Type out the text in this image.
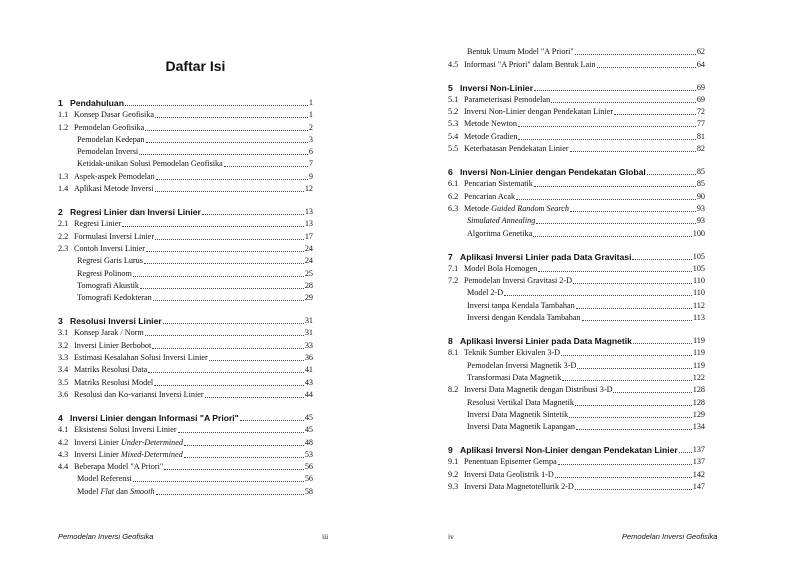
Daftar Isi
1 Pendahuluan	1
1.1 Konsep Dasar Geofisika	1
1.2 Pemodelan Geofisika	2
Pemodelan Kedepan	3
Pemodelan Inversi	6
Ketidak-unikan Solusi Pemodelan Geofisika	7
1.3 Aspek-aspek Pemodelan	9
1.4 Aplikasi Metode Inversi	12
2 Regresi Linier dan Inversi Linier	13
2.1 Regresi Linier	13
2.2 Formulasi Inversi Linier	17
2.3 Contoh Inversi Linier	24
Regresi Garis Lurus	24
Regresi Polinom	25
Tomografi Akustik	28
Tomografi Kedokteran	29
3 Resolusi Inversi Linier	31
3.1 Konsep Jarak / Norm	31
3.2 Inversi Linier Berbobot	33
3.3 Estimasi Kesalahan Solusi Inversi Linier	36
3.4 Matriks Resolusi Data	41
3.5 Matriks Resolusi Model	43
3.6 Resolusi dan Ko-variansi Inversi Linier	44
4 Inversi Linier dengan Informasi "A Priori"	45
4.1 Eksistensi Solusi Inversi Linier	45
4.2 Inversi Linier Under-Determined	48
4.3 Inversi Linier Mixed-Determined	53
4.4 Beberapa Model "A Priori"	56
Model Referensi	56
Model Flat dan Smooth	58
Pemodelan Inversi Geofisika	iii
Bentuk Umum Model "A Priori"	62
4.5 Informasi "A Priori" dalam Bentuk Lain	64
5 Inversi Non-Linier	69
5.1 Parameterisasi Pemodelan	69
5.2 Inversi Non-Linier dengan Pendekatan Linier	72
5.3 Metode Newton	77
5.4 Metode Gradien	81
5.5 Keterbatasan Pendekatan Linier	82
6 Inversi Non-Linier dengan Pendekatan Global	85
6.1 Pencarian Sistematik	85
6.2 Pencarian Acak	90
6.3 Metode Guided Random Search	93
Simulated Annealing	93
Algoritma Genetika	100
7 Aplikasi Inversi Linier pada Data Gravitasi	105
7.1 Model Bola Homogen	105
7.2 Pemodelan Inversi Gravitasi 2-D	110
Model 2-D	110
Inversi tanpa Kendala Tambahan	112
Inversi dengan Kendala Tambahan	113
8 Aplikasi Inversi Linier pada Data Magnetik	119
8.1 Teknik Sumber Ekivalen 3-D	119
Pemodelan Inversi Magnetik 3-D	119
Transformasi Data Magnetik	122
8.2 Inversi Data Magnetik dengan Distribusi 3-D	128
Resolusi Vertikal Data Magnetik	128
Inversi Data Magnetik Sintetik	129
Inversi Data Magnetik Lapangan	134
9 Aplikasi Inversi Non-Linier dengan Pendekatan Linier 137
9.1 Penentuan Episenter Gempa	137
9.2 Inversi Data Geolistrik 1-D	142
9.3 Inversi Data Magnetotellurik 2-D	147
iv	Pemodelan Inversi Geofisika
